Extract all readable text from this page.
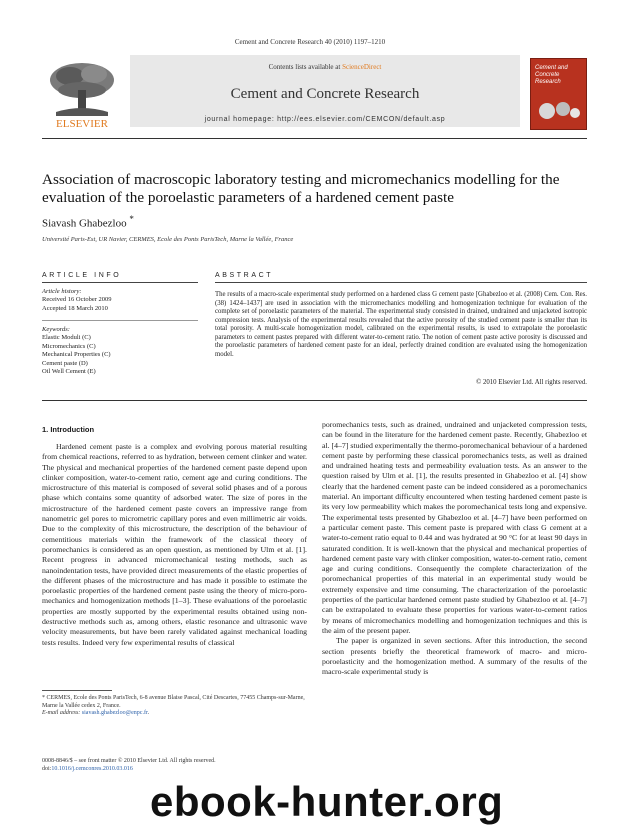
Cement and Concrete Research 40 (2010) 1197–1210
ELSEVIER
Contents lists available at ScienceDirect
Cement and Concrete Research
journal homepage: http://ees.elsevier.com/CEMCON/default.asp
Cement and Concrete Research
Association of macroscopic laboratory testing and micromechanics modelling for the evaluation of the poroelastic parameters of a hardened cement paste
Siavash Ghabezloo *
Université Paris-Est, UR Navier, CERMES, Ecole des Ponts ParisTech, Marne la Vallée, France
ARTICLE INFO
Article history:
Received 16 October 2009
Accepted 18 March 2010
Keywords:
Elastic Moduli (C)
Micromechanics (C)
Mechanical Properties (C)
Cement paste (D)
Oil Well Cement (E)
ABSTRACT
The results of a macro-scale experimental study performed on a hardened class G cement paste [Ghabezloo et al. (2008) Cem. Con. Res. (38) 1424–1437] are used in association with the micromechanics modelling and homogenization technique for evaluation of the complete set of poroelastic parameters of the material. The experimental study consisted in drained, undrained and unjacketed isotropic compression tests. Analysis of the experimental results revealed that the active porosity of the studied cement paste is smaller than its total porosity. A multi-scale homogenization model, calibrated on the experimental results, is used to extrapolate the poroelastic parameters to cement pastes prepared with different water-to-cement ratio. The notion of cement paste active porosity is discussed and the poroelastic parameters of hardened cement paste for an ideal, perfectly drained condition are evaluated using the homogenization model.
© 2010 Elsevier Ltd. All rights reserved.
1. Introduction

Hardened cement paste is a complex and evolving porous material resulting from chemical reactions, referred to as hydration, between cement clinker and water. The physical and mechanical properties of the hardened cement paste depend upon clinker composition, water-to-cement ratio, cement age and curing conditions. The microstructure of this material is composed of several solid phases and of a porous phase which contains some quantity of adsorbed water. The size of pores in the microstructure of the hardened cement paste covers an impressive range from nanometric gel pores to micrometric capillary pores and even millimetric air voids. Due to the complexity of this microstructure, the description of the behaviour of cementitious materials within the framework of the classical theory of poromechanics is considered as an open question, as mentioned by Ulm et al. [1]. Recent progress in advanced micromechanical testing methods, such as nanoindentation tests, have provided direct measurements of the elastic properties of the different phases of the microstructure and has made it possible to estimate the poroelastic properties of the hardened cement paste using the theory of micro-poro-mechanics and homogenization methods [1–3]. These evaluations of the poroelastic properties are mostly supported by the experimental results obtained using non-destructive methods such as, among others, elastic resonance and ultrasonic wave velocity measurements, but have been rarely validated against mechanical loading tests results. Indeed very few experimental results of classical

poromechanics tests, such as drained, undrained and unjacketed compression tests, can be found in the literature for the hardened cement paste. Recently, Ghabezloo et al. [4–7] studied experimentally the thermo-poromechanical behaviour of a hardened cement paste by performing these classical poromechanics tests, as well as drained and undrained heating tests and permeability evaluation tests. As an answer to the question raised by Ulm et al. [1], the results presented in Ghabezloo et al. [4] show clearly that the hardened cement paste can be indeed considered as a poromechanics material. An important difficulty encountered when testing hardened cement paste is its very low permeability which makes the poromechanical tests long and expensive. The experimental tests presented by Ghabezloo et al. [4–7] have been performed on a particular cement paste. This cement paste is prepared with class G cement at a water-to-cement ratio equal to 0.44 and was hydrated at 90 °C for at least 90 days in saturated condition. It is well-known that the physical and mechanical properties of hardened cement paste vary with clinker composition, water-to-cement ratio, cement age and curing conditions. Consequently the complete characterization of the poromechanical properties of this material in an experimental study would be extremely expensive and time consuming. The characterization of the poroelastic properties of the particular hardened cement paste studied by Ghabezloo et al. [4–7] can be extrapolated to evaluate these properties for various water-to-cement ratios by means of micromechanics modelling and homogenization techniques and this is the aim of the present paper.

The paper is organized in seven sections. After this introduction, the second section presents briefly the theoretical framework of macro- and micro-poroelasticity and the homogenization method. A summary of the results of the macro-scale experimental study is

* CERMES, Ecole des Ponts ParisTech, 6-8 avenue Blaise Pascal, Cité Descartes, 77455 Champs-sur-Marne, Marne la Vallée cedex 2, France.
E-mail address: siavash.ghabezloo@enpc.fr.
0008-8846/$ – see front matter © 2010 Elsevier Ltd. All rights reserved.
doi:10.1016/j.cemconres.2010.03.016
ebook-hunter.org
